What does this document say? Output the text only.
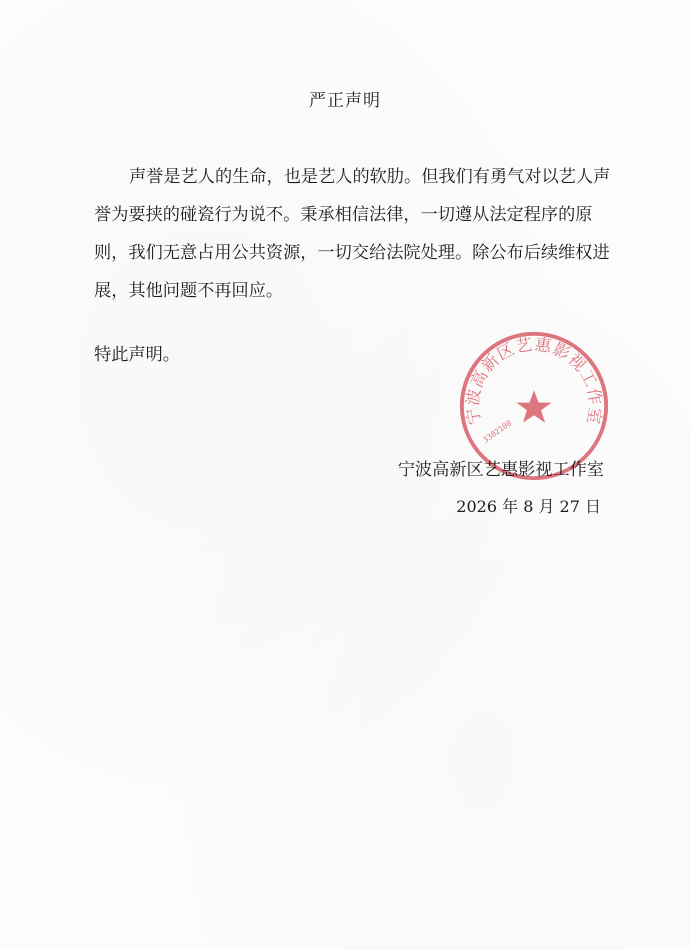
严正声明

声誉是艺人的生命，也是艺人的软肋。但我们有勇气对以艺人声誉为要挟的碰瓷行为说不。秉承相信法律，一切遵从法定程序的原则，我们无意占用公共资源，一切交给法院处理。除公布后续维权进展，其他问题不再回应。

特此声明。
宁波高新区艺惠影视工作室
3302100
宁波高新区艺惠影视工作室
2026 年 8 月 27 日
